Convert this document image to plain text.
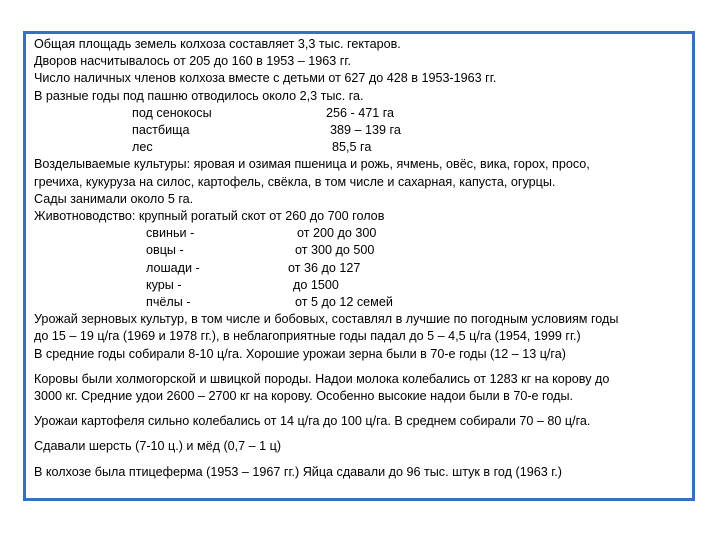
Общая площадь земель колхоза составляет 3,3 тыс. гектаров.
Дворов насчитывалось от 205 до 160 в 1953 – 1963 гг.
Число наличных членов колхоза вместе с детьми от 627 до 428 в 1953-1963 гг.
В разные годы под пашню отводилось около 2,3 тыс. га.
под сенокосы	256 - 471 га
пастбища	389 – 139 га
лес	85,5 га
Возделываемые культуры: яровая и озимая пшеница и рожь, ячмень, овёс, вика, горох, просо,
гречиха, кукуруза на силос, картофель, свёкла, в том числе и сахарная, капуста, огурцы.
Сады занимали около 5 га.
Животноводство: крупный рогатый скот от 260 до 700 голов
свиньи -	от 200 до 300
овцы -	от 300 до 500
лошади -	от 36 до 127
куры -	до 1500
пчёлы -	от 5 до 12 семей
Урожай зерновых культур, в том числе и бобовых, составлял в лучшие по погодным условиям годы
до 15 – 19 ц/га (1969 и 1978 гг.), в неблагоприятные годы падал до 5 – 4,5 ц/га (1954, 1999 гг.)
В средние годы собирали 8-10 ц/га. Хорошие урожаи зерна были в 70-е годы (12 – 13 ц/га)
Коровы были холмогорской и швицкой породы. Надои молока колебались от 1283 кг на корову до
3000 кг. Средние удои 2600 – 2700 кг на корову. Особенно высокие надои были в 70-е годы.
Урожаи картофеля сильно колебались от 14 ц/га до 100 ц/га. В среднем собирали 70 – 80 ц/га.
Сдавали шерсть (7-10 ц.) и мёд (0,7 – 1 ц)
В колхозе была птицеферма (1953 – 1967 гг.) Яйца сдавали до 96 тыс. штук в год (1963 г.)
